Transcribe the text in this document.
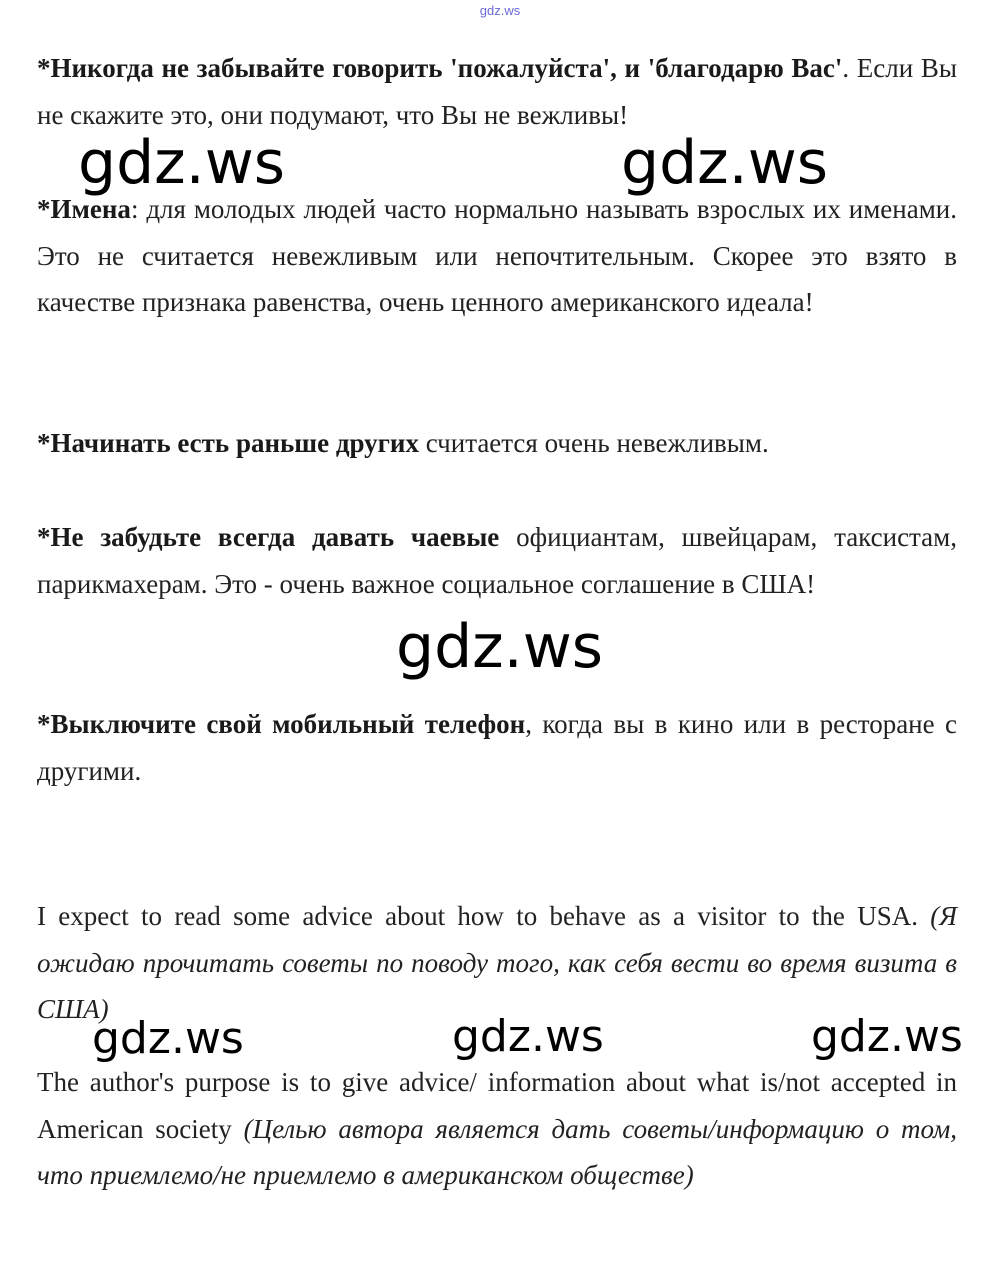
gdz.ws
*Никогда не забывайте говорить 'пожалуйста', и 'благодарю Вас'. Если Вы не скажите это, они подумают, что Вы не вежливы!
*Имена: для молодых людей часто нормально называть взрослых их именами. Это не считается невежливым или непочтительным. Скорее это взято в качестве признака равенства, очень ценного американского идеала!
*Начинать есть раньше других считается очень невежливым.
*Не забудьте всегда давать чаевые официантам, швейцарам, таксистам, парикмахерам. Это - очень важное социальное соглашение в США!
*Выключите свой мобильный телефон, когда вы в кино или в ресторане с другими.
I expect to read some advice about how to behave as a visitor to the USA. (Я ожидаю прочитать советы по поводу того, как себя вести во время визита в США)
The author's purpose is to give advice/ information about what is/not accepted in American society (Целью автора является дать советы/информацию о том, что приемлемо/не приемлемо в американском обществе)
gdz.ws	gdz.ws
gdz.ws
gdz.ws	gdz.ws	gdz.ws
